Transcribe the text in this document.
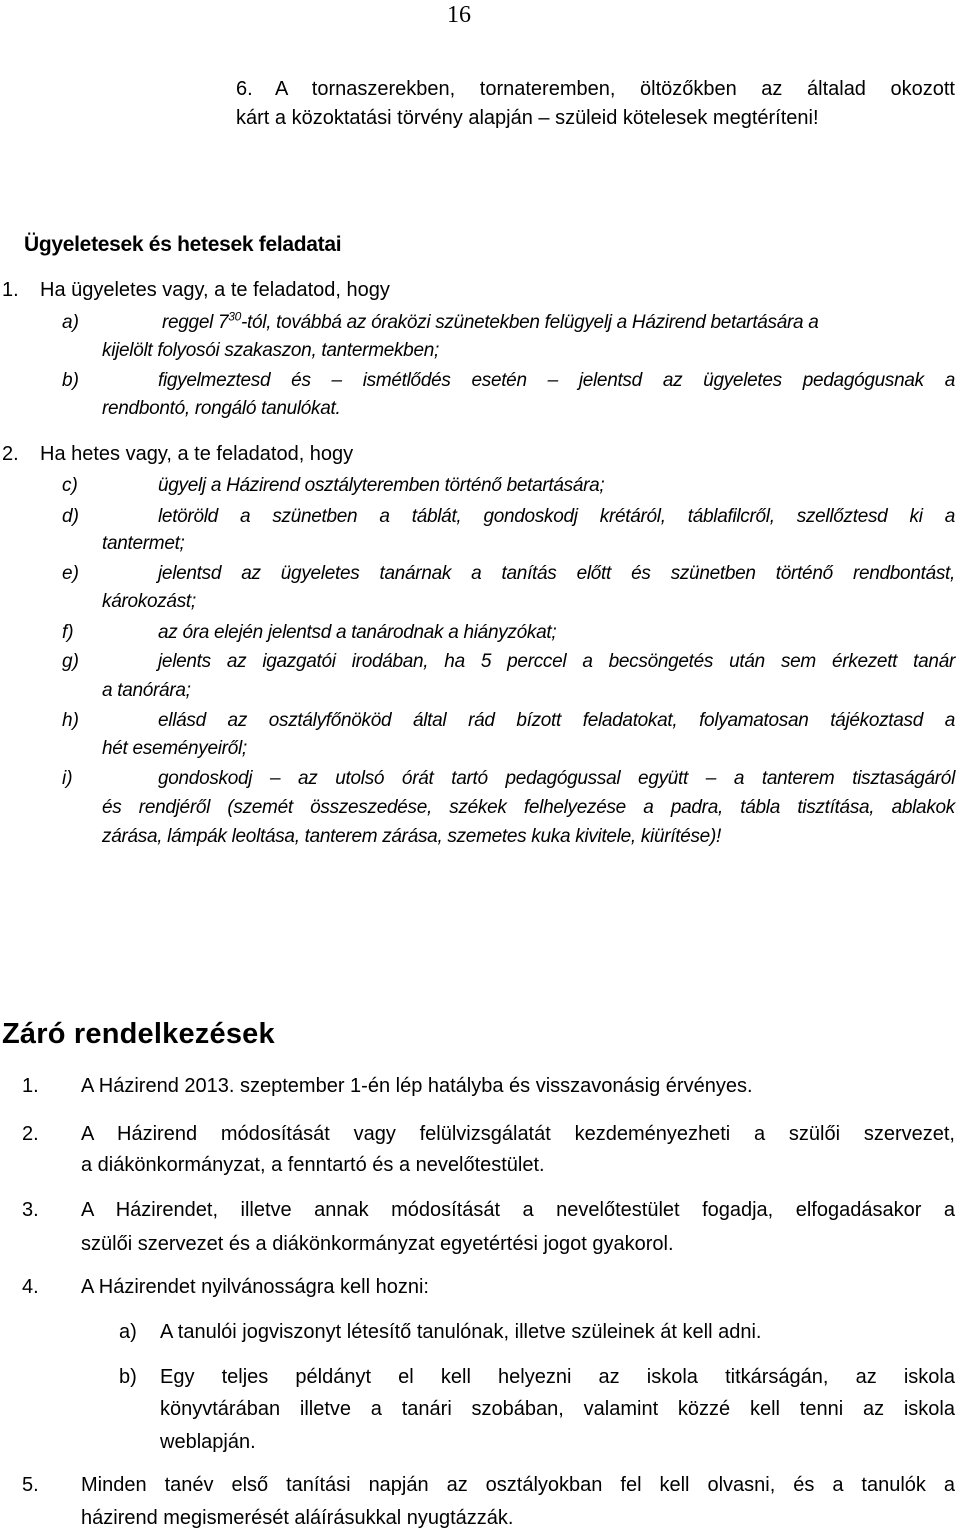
16
6. A tornaszerekben, tornateremben, öltözőkben az általad okozott
kárt a közoktatási törvény alapján – szüleid kötelesek megtéríteni!
Ügyeletesek és hetesek feladatai
1. Ha ügyeletes vagy, a te feladatod, hogy
a)	reggel $7^{30}$-tól, továbbá az óraközi szünetekben felügyelj a Házirend betartására a
kijelölt folyosói szakaszon, tantermekben;
b)	figyelmeztesd és – ismétlődés esetén – jelentsd az ügyeletes pedagógusnak a
rendbontó, rongáló tanulókat.
2. Ha hetes vagy, a te feladatod, hogy
c)	ügyelj a Házirend osztályteremben történő betartására;
d)	letöröld a szünetben a táblát, gondoskodj krétáról, táblafilcről, szellőztesd ki a
tantermet;
e)	jelentsd az ügyeletes tanárnak a tanítás előtt és szünetben történő rendbontást,
károkozást;
f)	az óra elején jelentsd a tanárodnak a hiányzókat;
g)	jelents az igazgatói irodában, ha 5 perccel a becsöngetés után sem érkezett tanár
a tanórára;
h)	ellásd az osztályfőnököd által rád bízott feladatokat, folyamatosan tájékoztasd a
hét eseményeiről;
i)	gondoskodj – az utolsó órát tartó pedagógussal együtt – a tanterem tisztaságáról
és rendjéről (szemét összeszedése, székek felhelyezése a padra, tábla tisztítása, ablakok
zárása, lámpák leoltása, tanterem zárása, szemetes kuka kivitele, kiürítése)!
Záró rendelkezések
1. A Házirend 2013. szeptember 1-én lép hatályba és visszavonásig érvényes.
2. A Házirend módosítását vagy felülvizsgálatát kezdeményezheti a szülői szervezet,
a diákönkormányzat, a fenntartó és a nevelőtestület.
3. A Házirendet, illetve annak módosítását a nevelőtestület fogadja, elfogadásakor a
szülői szervezet és a diákönkormányzat egyetértési jogot gyakorol.
4. A Házirendet nyilvánosságra kell hozni:
a) A tanulói jogviszonyt létesítő tanulónak, illetve szüleinek át kell adni.
b) Egy teljes példányt el kell helyezni az iskola titkárságán, az iskola
könyvtárában illetve a tanári szobában, valamint közzé kell tenni az iskola
weblapján.
5. Minden tanév első tanítási napján az osztályokban fel kell olvasni, és a tanulók a
házirend megismerését aláírásukkal nyugtázzák.
